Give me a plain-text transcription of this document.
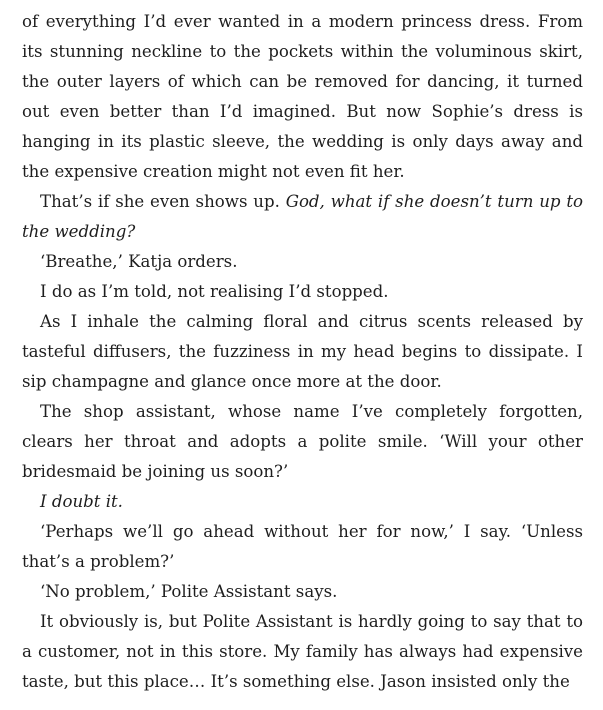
of everything I’d ever wanted in a modern princess dress. From its stunning neckline to the pockets within the voluminous skirt, the outer layers of which can be removed for dancing, it turned out even better than I’d imagined. But now Sophie’s dress is hanging in its plastic sleeve, the wedding is only days away and the expensive creation might not even fit her.

That’s if she even shows up. God, what if she doesn’t turn up to the wedding?

‘Breathe,’ Katja orders.

I do as I’m told, not realising I’d stopped.

As I inhale the calming floral and citrus scents released by tasteful diffusers, the fuzziness in my head begins to dissipate. I sip champagne and glance once more at the door.

The shop assistant, whose name I’ve completely forgotten, clears her throat and adopts a polite smile. ‘Will your other bridesmaid be joining us soon?’

I doubt it.

‘Perhaps we’ll go ahead without her for now,’ I say. ‘Unless that’s a problem?’

‘No problem,’ Polite Assistant says.

It obviously is, but Polite Assistant is hardly going to say that to a customer, not in this store. My family has always had expensive taste, but this place… It’s something else. Jason insisted only the
